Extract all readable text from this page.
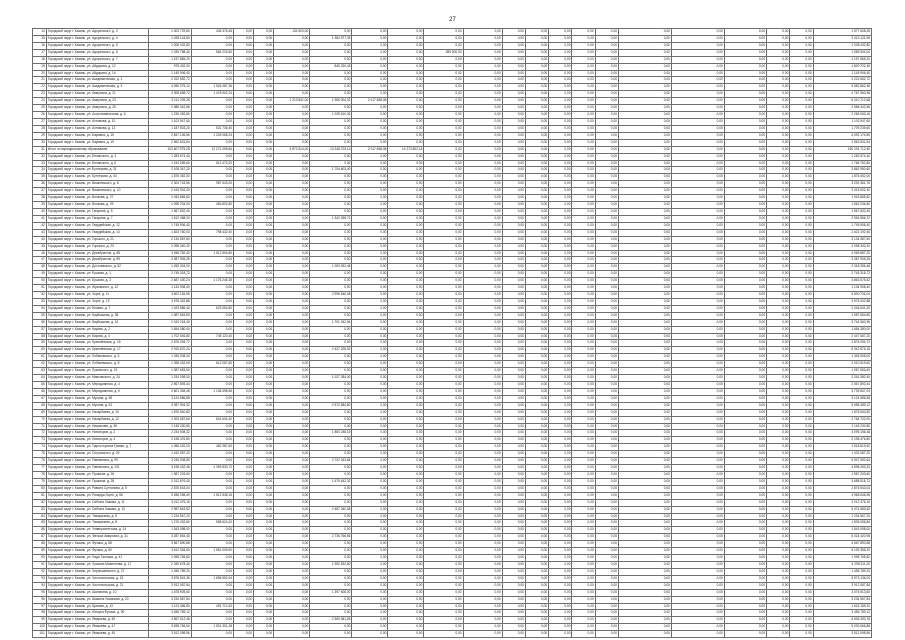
27
14	Городской округ г. Казань, ул. Адоратского, д. 3	1 003 729,80	445 378,48	0,00	0,00	134 500,00	0,00	0,00	0,00	0,00	0,00	0,00	0,00	0,00	0,00	0,00	0,00	0,00	0,00	0,00	0,00	1 577 608,28
15	Городской округ г. Казань, ул. Адоратского, д. 4	1 028 144,60	0,00	0,00	0,00	0,00	1 384 977,35	0,00	0,00	0,00	0,00	0,00	0,00	0,00	0,00	0,00	0,00	0,00	0,00	0,00	0,00	2 413 121,95
16	Городской округ г. Казань, ул. Адоратского, д. 5	1 208 432,80	0,00	0,00	0,00	0,00	0,00	0,00	0,00	0,00	0,00	0,00	0,00	0,00	0,00	0,00	0,00	0,00	0,00	0,00	0,00	1 208 432,80
17	Городской округ г. Казань, ул. Адоратского, д. 6	1 035 788,40	564 215,60	0,00	0,00	0,00	0,00	0,00	0,00	389 500,00	0,00	0,00	0,00	0,00	0,00	0,00	0,00	0,00	0,00	0,00	0,00	1 989 504,00
18	Городской округ г. Казань, ул. Адоратского, д. 7	1 197 865,20	0,00	0,00	0,00	0,00	0,00	0,00	0,00	0,00	0,00	0,00	0,00	0,00	0,00	0,00	0,00	0,00	0,00	0,00	0,00	1 197 865,20
19	Городской округ г. Казань, ул. Айдарова, д. 12	975 402,00	0,00	0,00	0,00	0,00	845 320,45	0,00	0,00	0,00	0,00	0,00	0,00	0,00	0,00	0,00	0,00	0,00	0,00	0,00	0,00	1 820 722,45
20	Городской округ г. Казань, ул. Айдарова, д. 14	1 145 906,40	0,00	0,00	0,00	0,00	0,00	0,00	0,00	0,00	0,00	0,00	0,00	0,00	0,00	0,00	0,00	0,00	0,00	0,00	0,00	1 145 906,40
21	Городской округ г. Казань, ул. Академическая, д. 1	2 222 652,72	0,00	0,00	0,00	0,00	0,00	0,00	0,00	0,00	0,00	0,00	0,00	0,00	0,00	0,00	0,00	0,00	0,00	0,00	0,00	2 222 652,72
22	Городской округ г. Казань, ул. Академическая, д. 3	4 056 375,12	1 526 487,36	0,00	0,00	0,00	0,00	0,00	0,00	0,00	0,00	0,00	0,00	0,00	0,00	0,00	0,00	0,00	0,00	0,00	0,00	5 582 862,48
23	Городской округ г. Казань, ул. Амирхана, д. 21	3 308 658,72	1 478 902,24	0,00	0,00	0,00	0,00	0,00	0,00	0,00	0,00	0,00	0,00	0,00	0,00	0,00	0,00	0,00	0,00	0,00	0,00	4 787 560,96
24	Городской округ г. Казань, ул. Амирхана, д. 23	3 114 209,28	0,00	0,00	0,00	1 213 841,00	1 965 004,32	2 017 658,08	0,00	0,00	0,00	0,00	0,00	0,00	0,00	0,00	0,00	0,00	0,00	0,00	0,00	8 310 712,68
25	Городской округ г. Казань, ул. Амирхана, д. 25	2 986 342,56	0,00	0,00	0,00	0,00	0,00	0,00	0,00	0,00	0,00	0,00	0,00	0,00	0,00	0,00	0,00	0,00	0,00	0,00	0,00	2 986 342,56
26	Городской округ г. Казань, ул. Астрономическая, д. 6	1 236 452,80	0,00	0,00	0,00	0,00	1 028 610,36	0,00	0,00	0,00	0,00	0,00	0,00	0,00	0,00	0,00	0,00	0,00	0,00	0,00	0,00	2 265 063,16
27	Городской округ г. Казань, ул. Ахтямова, д. 10	1 102 947,60	0,00	0,00	0,00	0,00	0,00	0,00	0,00	0,00	0,00	0,00	0,00	0,00	0,00	0,00	0,00	0,00	0,00	0,00	0,00	1 102 947,60
28	Городской округ г. Казань, ул. Ахтямова, д. 12	1 187 503,20	521 736,40	0,00	0,00	0,00	0,00	0,00	0,00	0,00	0,00	0,00	0,00	0,00	0,00	0,00	0,00	0,00	0,00	0,00	0,00	1 709 239,60
29	Городской округ г. Казань, ул. Баумана, д. 15	2 847 106,56	1 245 068,24	0,00	0,00	0,00	0,00	0,00	0,00	0,00	0,00	0,00	0,00	0,00	0,00	0,00	0,00	0,00	0,00	0,00	0,00	4 092 174,80
30	Городской округ г. Казань, ул. Баумана, д. 19	2 562 831,84	0,00	0,00	0,00	0,00	0,00	0,00	0,00	0,00	0,00	0,00	0,00	0,00	0,00	0,00	0,00	0,00	0,00	0,00	0,00	2 562 831,84
31	Итого по муниципальному образованию	103 607 975,28	12 271 059,84	0,00	0,00	4 872 514,00	13 248 703,14	2 017 658,08	14 273 802,16	0,00	0,00	0,00	0,00	0,00	0,00	0,00	0,00	0,00	0,00	0,00	0,00	150 291 712,50
32	Городской округ г. Казань, ул. Белинского, д. 4	1 283 574,40	0,00	0,00	0,00	0,00	0,00	0,00	0,00	0,00	0,00	0,00	0,00	0,00	0,00	0,00	0,00	0,00	0,00	0,00	0,00	1 283 574,40
33	Городской округ г. Казань, ул. Белинского, д. 6	1 154 289,60	612 473,20	0,00	0,00	0,00	0,00	0,00	0,00	0,00	0,00	0,00	0,00	0,00	0,00	0,00	0,00	0,00	0,00	0,00	0,00	1 766 762,80
34	Городской округ г. Казань, ул. Бутлерова, д. 31	2 108 347,20	0,00	0,00	0,00	0,00	1 754 603,40	0,00	0,00	0,00	0,00	0,00	0,00	0,00	0,00	0,00	0,00	0,00	0,00	0,00	0,00	3 862 950,60
35	Городской округ г. Казань, ул. Бутлерова, д. 44	1 876 452,00	0,00	0,00	0,00	0,00	0,00	0,00	0,00	0,00	0,00	0,00	0,00	0,00	0,00	0,00	0,00	0,00	0,00	0,00	0,00	1 876 452,00
36	Городской округ г. Казань, ул. Вишневского, д. 8	2 304 718,56	987 643,20	0,00	0,00	0,00	0,00	0,00	0,00	0,00	0,00	0,00	0,00	0,00	0,00	0,00	0,00	0,00	0,00	0,00	0,00	3 292 361,76
37	Городской округ г. Казань, ул. Вишневского, д. 10	2 415 902,40	0,00	0,00	0,00	0,00	0,00	0,00	0,00	0,00	0,00	0,00	0,00	0,00	0,00	0,00	0,00	0,00	0,00	0,00	0,00	2 415 902,40
38	Городской округ г. Казань, ул. Волкова, д. 27	1 043 865,60	0,00	0,00	0,00	0,00	0,00	0,00	0,00	0,00	0,00	0,00	0,00	0,00	0,00	0,00	0,00	0,00	0,00	0,00	0,00	1 043 865,60
39	Городской округ г. Казань, ул. Волкова, д. 29	1 098 234,00	463 802,80	0,00	0,00	0,00	0,00	0,00	0,00	0,00	0,00	0,00	0,00	0,00	0,00	0,00	0,00	0,00	0,00	0,00	0,00	1 562 036,80
40	Городской округ г. Казань, ул. Гагарина, д. 5	1 567 832,40	0,00	0,00	0,00	0,00	0,00	0,00	0,00	0,00	0,00	0,00	0,00	0,00	0,00	0,00	0,00	0,00	0,00	0,00	0,00	1 567 832,40
41	Городской округ г. Казань, ул. Гагарина, д. 7	1 612 458,00	0,00	0,00	0,00	0,00	1 342 098,72	0,00	0,00	0,00	0,00	0,00	0,00	0,00	0,00	0,00	0,00	0,00	0,00	0,00	0,00	2 954 556,72
42	Городской округ г. Казань, ул. Гвардейская, д. 12	1 745 906,40	0,00	0,00	0,00	0,00	0,00	0,00	0,00	0,00	0,00	0,00	0,00	0,00	0,00	0,00	0,00	0,00	0,00	0,00	0,00	1 745 906,40
43	Городской округ г. Казань, ул. Гвардейская, д. 14	1 823 760,00	798 432,40	0,00	0,00	0,00	0,00	0,00	0,00	0,00	0,00	0,00	0,00	0,00	0,00	0,00	0,00	0,00	0,00	0,00	0,00	2 622 192,40
44	Городской округ г. Казань, ул. Горького, д. 21	2 134 587,60	0,00	0,00	0,00	0,00	0,00	0,00	0,00	0,00	0,00	0,00	0,00	0,00	0,00	0,00	0,00	0,00	0,00	0,00	0,00	2 134 587,60
45	Городской округ г. Казань, ул. Горького, д. 23	2 098 340,40	0,00	0,00	0,00	0,00	0,00	0,00	0,00	0,00	0,00	0,00	0,00	0,00	0,00	0,00	0,00	0,00	0,00	0,00	0,00	2 098 340,40
46	Городской округ г. Казань, ул. Декабристов, д. 85	3 456 782,40	1 512 904,80	0,00	0,00	0,00	0,00	0,00	0,00	0,00	0,00	0,00	0,00	0,00	0,00	0,00	0,00	0,00	0,00	0,00	0,00	4 969 687,20
47	Городской округ г. Казань, ул. Декабристов, д. 89	3 387 905,28	0,00	0,00	0,00	0,00	0,00	0,00	0,00	0,00	0,00	0,00	0,00	0,00	0,00	0,00	0,00	0,00	0,00	0,00	0,00	3 387 905,28
48	Городской округ г. Казань, ул. Достоевского, д. 52	1 265 304,00	0,00	0,00	0,00	0,00	1 053 092,48	0,00	0,00	0,00	0,00	0,00	0,00	0,00	0,00	0,00	0,00	0,00	0,00	0,00	0,00	2 318 396,48
49	Городской округ г. Казань, ул. Ершова, д. 1	2 745 318,72	0,00	0,00	0,00	0,00	0,00	0,00	0,00	0,00	0,00	0,00	0,00	0,00	0,00	0,00	0,00	0,00	0,00	0,00	0,00	2 745 318,72
50	Городской округ г. Казань, ул. Ершова, д. 3	2 687 430,24	1 176 245,28	0,00	0,00	0,00	0,00	0,00	0,00	0,00	0,00	0,00	0,00	0,00	0,00	0,00	0,00	0,00	0,00	0,00	0,00	3 863 675,52
51	Городской округ г. Казань, ул. Жуковского, д. 12	1 134 908,40	0,00	0,00	0,00	0,00	0,00	0,00	0,00	0,00	0,00	0,00	0,00	0,00	0,00	0,00	0,00	0,00	0,00	0,00	0,00	1 134 908,40
52	Городской округ г. Казань, ул. Зорге, д. 11	3 602 184,96	0,00	0,00	0,00	0,00	2 998 546,08	0,00	0,00	0,00	0,00	0,00	0,00	0,00	0,00	0,00	0,00	0,00	0,00	0,00	0,00	6 600 731,04
53	Городской округ г. Казань, ул. Зорге, д. 13	3 578 402,88	0,00	0,00	0,00	0,00	0,00	0,00	0,00	0,00	0,00	0,00	0,00	0,00	0,00	0,00	0,00	0,00	0,00	0,00	0,00	3 578 402,88
54	Городской округ г. Казань, ул. Исаева, д. 7	1 423 586,40	623 054,80	0,00	0,00	0,00	0,00	0,00	0,00	0,00	0,00	0,00	0,00	0,00	0,00	0,00	0,00	0,00	0,00	0,00	0,00	2 046 641,20
55	Городской округ г. Казань, ул. Карбышева, д. 38	1 987 654,80	0,00	0,00	0,00	0,00	0,00	0,00	0,00	0,00	0,00	0,00	0,00	0,00	0,00	0,00	0,00	0,00	0,00	0,00	0,00	1 987 654,80
56	Городской округ г. Казань, ул. Карбышева, д. 42	2 043 218,40	0,00	0,00	0,00	0,00	1 701 342,56	0,00	0,00	0,00	0,00	0,00	0,00	0,00	0,00	0,00	0,00	0,00	0,00	0,00	0,00	3 744 560,96
57	Городской округ г. Казань, ул. Кирова, д. 2	1 654 380,00	0,00	0,00	0,00	0,00	0,00	0,00	0,00	0,00	0,00	0,00	0,00	0,00	0,00	0,00	0,00	0,00	0,00	0,00	0,00	1 654 380,00
58	Городской округ г. Казань, ул. Кирова, д. 4	1 702 546,80	745 120,40	0,00	0,00	0,00	0,00	0,00	0,00	0,00	0,00	0,00	0,00	0,00	0,00	0,00	0,00	0,00	0,00	0,00	0,00	2 447 667,20
59	Городской округ г. Казань, ул. Кремлёвская, д. 15	2 876 094,72	0,00	0,00	0,00	0,00	0,00	0,00	0,00	0,00	0,00	0,00	0,00	0,00	0,00	0,00	0,00	0,00	0,00	0,00	0,00	2 876 094,72
60	Городской округ г. Казань, ул. Кремлёвская, д. 17	2 915 670,24	0,00	0,00	0,00	0,00	2 427 205,92	0,00	0,00	0,00	0,00	0,00	0,00	0,00	0,00	0,00	0,00	0,00	0,00	0,00	0,00	5 342 876,16
61	Городской округ г. Казань, ул. Лобачевского, д. 6	1 345 908,00	0,00	0,00	0,00	0,00	0,00	0,00	0,00	0,00	0,00	0,00	0,00	0,00	0,00	0,00	0,00	0,00	0,00	0,00	0,00	1 345 908,00
62	Городской округ г. Казань, ул. Лобачевского, д. 8	1 398 432,00	612 087,60	0,00	0,00	0,00	0,00	0,00	0,00	0,00	0,00	0,00	0,00	0,00	0,00	0,00	0,00	0,00	0,00	0,00	0,00	2 010 519,60
63	Городской округ г. Казань, ул. Луковского, д. 19	1 087 653,60	0,00	0,00	0,00	0,00	0,00	0,00	0,00	0,00	0,00	0,00	0,00	0,00	0,00	0,00	0,00	0,00	0,00	0,00	0,00	1 087 653,60
64	Городской округ г. Казань, ул. Маяковского, д. 24	1 234 098,00	0,00	0,00	0,00	0,00	1 027 284,40	0,00	0,00	0,00	0,00	0,00	0,00	0,00	0,00	0,00	0,00	0,00	0,00	0,00	0,00	2 261 382,40
65	Городской округ г. Казань, ул. Меридианная, д. 4	2 567 893,44	0,00	0,00	0,00	0,00	0,00	0,00	0,00	0,00	0,00	0,00	0,00	0,00	0,00	0,00	0,00	0,00	0,00	0,00	0,00	2 567 893,44
66	Городской округ г. Казань, ул. Меридианная, д. 6	2 601 348,48	1 138 498,56	0,00	0,00	0,00	0,00	0,00	0,00	0,00	0,00	0,00	0,00	0,00	0,00	0,00	0,00	0,00	0,00	0,00	0,00	3 739 847,04
67	Городской округ г. Казань, ул. Мусина, д. 59	3 124 586,88	0,00	0,00	0,00	0,00	0,00	0,00	0,00	0,00	0,00	0,00	0,00	0,00	0,00	0,00	0,00	0,00	0,00	0,00	0,00	3 124 586,88
68	Городской округ г. Казань, ул. Мусина, д. 61	3 087 904,32	0,00	0,00	0,00	0,00	2 570 584,80	0,00	0,00	0,00	0,00	0,00	0,00	0,00	0,00	0,00	0,00	0,00	0,00	0,00	0,00	5 658 489,12
69	Городской округ г. Казань, ул. Назарбаева, д. 10	1 876 540,80	0,00	0,00	0,00	0,00	0,00	0,00	0,00	0,00	0,00	0,00	0,00	0,00	0,00	0,00	0,00	0,00	0,00	0,00	0,00	1 876 540,80
70	Городской округ г. Казань, ул. Назарбаева, д. 12	1 923 087,60	841 634,40	0,00	0,00	0,00	0,00	0,00	0,00	0,00	0,00	0,00	0,00	0,00	0,00	0,00	0,00	0,00	0,00	0,00	0,00	2 764 722,00
71	Городской округ г. Казань, ул. Некрасова, д. 38	1 145 230,80	0,00	0,00	0,00	0,00	0,00	0,00	0,00	0,00	0,00	0,00	0,00	0,00	0,00	0,00	0,00	0,00	0,00	0,00	0,00	1 145 230,80
72	Городской округ г. Казань, ул. Новаторов, д. 2	2 234 908,32	0,00	0,00	0,00	0,00	1 860 248,16	0,00	0,00	0,00	0,00	0,00	0,00	0,00	0,00	0,00	0,00	0,00	0,00	0,00	0,00	4 095 156,48
73	Городской округ г. Казань, ул. Новаторов, д. 4	2 198 476,80	0,00	0,00	0,00	0,00	0,00	0,00	0,00	0,00	0,00	0,00	0,00	0,00	0,00	0,00	0,00	0,00	0,00	0,00	0,00	2 198 476,80
74	Городской округ г. Казань, ул. Односторонка Гривки, д. 7	1 056 432,00	462 387,60	0,00	0,00	0,00	0,00	0,00	0,00	0,00	0,00	0,00	0,00	0,00	0,00	0,00	0,00	0,00	0,00	0,00	0,00	1 518 819,60
75	Городской округ г. Казань, ул. Островского, д. 29	1 432 087,20	0,00	0,00	0,00	0,00	0,00	0,00	0,00	0,00	0,00	0,00	0,00	0,00	0,00	0,00	0,00	0,00	0,00	0,00	0,00	1 432 087,20
76	Городской округ г. Казань, ул. Павлюхина, д. 99	3 245 908,80	0,00	0,00	0,00	0,00	2 702 043,84	0,00	0,00	0,00	0,00	0,00	0,00	0,00	0,00	0,00	0,00	0,00	0,00	0,00	0,00	5 947 952,64
77	Городской округ г. Казань, ул. Павлюхина, д. 101	3 198 432,48	1 399 830,72	0,00	0,00	0,00	0,00	0,00	0,00	0,00	0,00	0,00	0,00	0,00	0,00	0,00	0,00	0,00	0,00	0,00	0,00	4 598 263,20
78	Городской округ г. Казань, ул. Пушкина, д. 26	1 987 203,60	0,00	0,00	0,00	0,00	0,00	0,00	0,00	0,00	0,00	0,00	0,00	0,00	0,00	0,00	0,00	0,00	0,00	0,00	0,00	1 987 203,60
79	Городской округ г. Казань, ул. Пушкина, д. 28	2 012 876,40	0,00	0,00	0,00	0,00	1 675 642,32	0,00	0,00	0,00	0,00	0,00	0,00	0,00	0,00	0,00	0,00	0,00	0,00	0,00	0,00	3 688 518,72
80	Городской округ г. Казань, ул. Равиля Султанова, д. 5	2 876 543,04	0,00	0,00	0,00	0,00	0,00	0,00	0,00	0,00	0,00	0,00	0,00	0,00	0,00	0,00	0,00	0,00	0,00	0,00	0,00	2 876 543,04
81	Городской округ г. Казань, ул. Рихарда Зорге, д. 66	3 456 098,40	1 512 548,16	0,00	0,00	0,00	0,00	0,00	0,00	0,00	0,00	0,00	0,00	0,00	0,00	0,00	0,00	0,00	0,00	0,00	0,00	4 968 646,56
82	Городской округ г. Казань, ул. Сибгата Хакима, д. 11	3 012 476,16	0,00	0,00	0,00	0,00	0,00	0,00	0,00	0,00	0,00	0,00	0,00	0,00	0,00	0,00	0,00	0,00	0,00	0,00	0,00	3 012 476,16
83	Городской округ г. Казань, ул. Сибгата Хакима, д. 13	2 987 543,52	0,00	0,00	0,00	0,00	2 487 040,08	0,00	0,00	0,00	0,00	0,00	0,00	0,00	0,00	0,00	0,00	0,00	0,00	0,00	0,00	5 474 583,60
84	Городской округ г. Казань, ул. Тимирязева, д. 6	1 234 567,20	0,00	0,00	0,00	0,00	0,00	0,00	0,00	0,00	0,00	0,00	0,00	0,00	0,00	0,00	0,00	0,00	0,00	0,00	0,00	1 234 567,20
85	Городской округ г. Казань, ул. Тимирязева, д. 8	1 276 432,80	558 624,00	0,00	0,00	0,00	0,00	0,00	0,00	0,00	0,00	0,00	0,00	0,00	0,00	0,00	0,00	0,00	0,00	0,00	0,00	1 835 056,80
86	Городской округ г. Казань, ул. Университетская, д. 14	1 543 098,00	0,00	0,00	0,00	0,00	0,00	0,00	0,00	0,00	0,00	0,00	0,00	0,00	0,00	0,00	0,00	0,00	0,00	0,00	0,00	1 543 098,00
87	Городской округ г. Казань, ул. Фатыха Амирхана, д. 31	3 287 654,40	0,00	0,00	0,00	0,00	2 736 766,56	0,00	0,00	0,00	0,00	0,00	0,00	0,00	0,00	0,00	0,00	0,00	0,00	0,00	0,00	6 024 420,96
88	Городской округ г. Казань, ул. Фучика, д. 58	3 567 890,88	0,00	0,00	0,00	0,00	0,00	0,00	0,00	0,00	0,00	0,00	0,00	0,00	0,00	0,00	0,00	0,00	0,00	0,00	0,00	3 567 890,88
89	Городской округ г. Казань, ул. Фучика, д. 60	3 612 345,60	1 581 009,60	0,00	0,00	0,00	0,00	0,00	0,00	0,00	0,00	0,00	0,00	0,00	0,00	0,00	0,00	0,00	0,00	0,00	0,00	5 193 355,20
90	Городской округ г. Казань, ул. Хади Такташа, д. 41	1 098 765,60	0,00	0,00	0,00	0,00	0,00	0,00	0,00	0,00	0,00	0,00	0,00	0,00	0,00	0,00	0,00	0,00	0,00	0,00	0,00	1 098 765,60
91	Городской округ г. Казань, ул. Хусаина Мавлютова, д. 17	2 345 678,40	0,00	0,00	0,00	0,00	1 952 632,80	0,00	0,00	0,00	0,00	0,00	0,00	0,00	0,00	0,00	0,00	0,00	0,00	0,00	0,00	4 298 311,20
92	Городской округ г. Казань, ул. Чернышевского, д. 27	1 456 789,20	0,00	0,00	0,00	0,00	0,00	0,00	0,00	0,00	0,00	0,00	0,00	0,00	0,00	0,00	0,00	0,00	0,00	0,00	0,00	1 456 789,20
93	Городской округ г. Казань, ул. Чистопольская, д. 19	3 876 543,36	1 696 592,64	0,00	0,00	0,00	0,00	0,00	0,00	0,00	0,00	0,00	0,00	0,00	0,00	0,00	0,00	0,00	0,00	0,00	0,00	5 573 136,00
94	Городской округ г. Казань, ул. Чистопольская, д. 21	3 912 087,84	0,00	0,00	0,00	0,00	0,00	0,00	0,00	0,00	0,00	0,00	0,00	0,00	0,00	0,00	0,00	0,00	0,00	0,00	0,00	3 912 087,84
95	Городской округ г. Казань, ул. Шаляпина, д. 10	1 678 905,60	0,00	0,00	0,00	0,00	1 397 608,00	0,00	0,00	0,00	0,00	0,00	0,00	0,00	0,00	0,00	0,00	0,00	0,00	0,00	0,00	3 076 513,60
96	Городской округ г. Казань, ул. Шамиля Усманова, д. 20	3 234 567,84	0,00	0,00	0,00	0,00	0,00	0,00	0,00	0,00	0,00	0,00	0,00	0,00	0,00	0,00	0,00	0,00	0,00	0,00	0,00	3 234 567,84
97	Городской округ г. Казань, ул. Щапова, д. 13	1 123 456,80	491 712,40	0,00	0,00	0,00	0,00	0,00	0,00	0,00	0,00	0,00	0,00	0,00	0,00	0,00	0,00	0,00	0,00	0,00	0,00	1 615 169,20
98	Городской округ г. Казань, ул. Юлиуса Фучика, д. 90	3 456 789,12	0,00	0,00	0,00	0,00	0,00	0,00	0,00	0,00	0,00	0,00	0,00	0,00	0,00	0,00	0,00	0,00	0,00	0,00	0,00	3 456 789,12
99	Городской округ г. Казань, ул. Ямашева, д. 45	3 567 012,48	0,00	0,00	0,00	0,00	2 969 381,28	0,00	0,00	0,00	0,00	0,00	0,00	0,00	0,00	0,00	0,00	0,00	0,00	0,00	0,00	6 536 393,76
100	Городской округ г. Казань, ул. Ямашева, д. 47	3 498 765,60	1 531 301,28	0,00	0,00	0,00	0,00	0,00	0,00	0,00	0,00	0,00	0,00	0,00	0,00	0,00	0,00	0,00	0,00	0,00	0,00	5 030 066,88
101	Городской округ г. Казань, ул. Ямашева, д. 49	3 512 098,56	0,00	0,00	0,00	0,00	0,00	0,00	0,00	0,00	0,00	0,00	0,00	0,00	0,00	0,00	0,00	0,00	0,00	0,00	0,00	3 512 098,56
